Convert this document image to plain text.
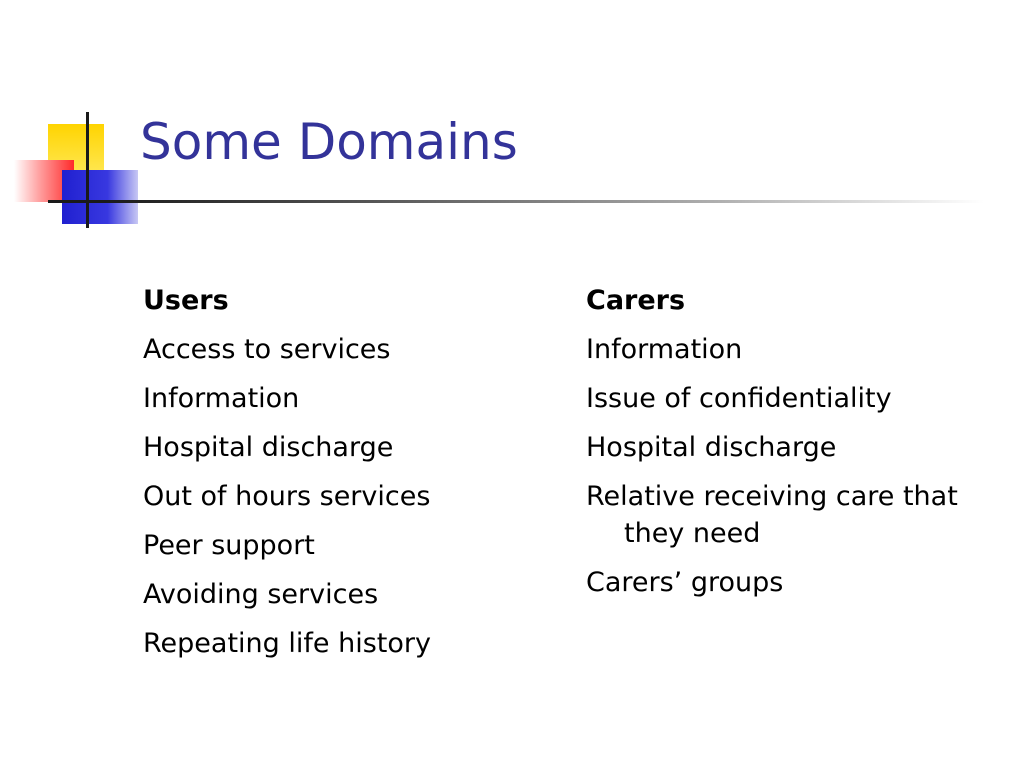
Some Domains
Users
Access to services
Information
Hospital discharge
Out of hours services
Peer support
Avoiding services
Repeating life history
Carers
Information
Issue of confidentiality
Hospital discharge
Relative receiving care that they need
Carers’ groups
